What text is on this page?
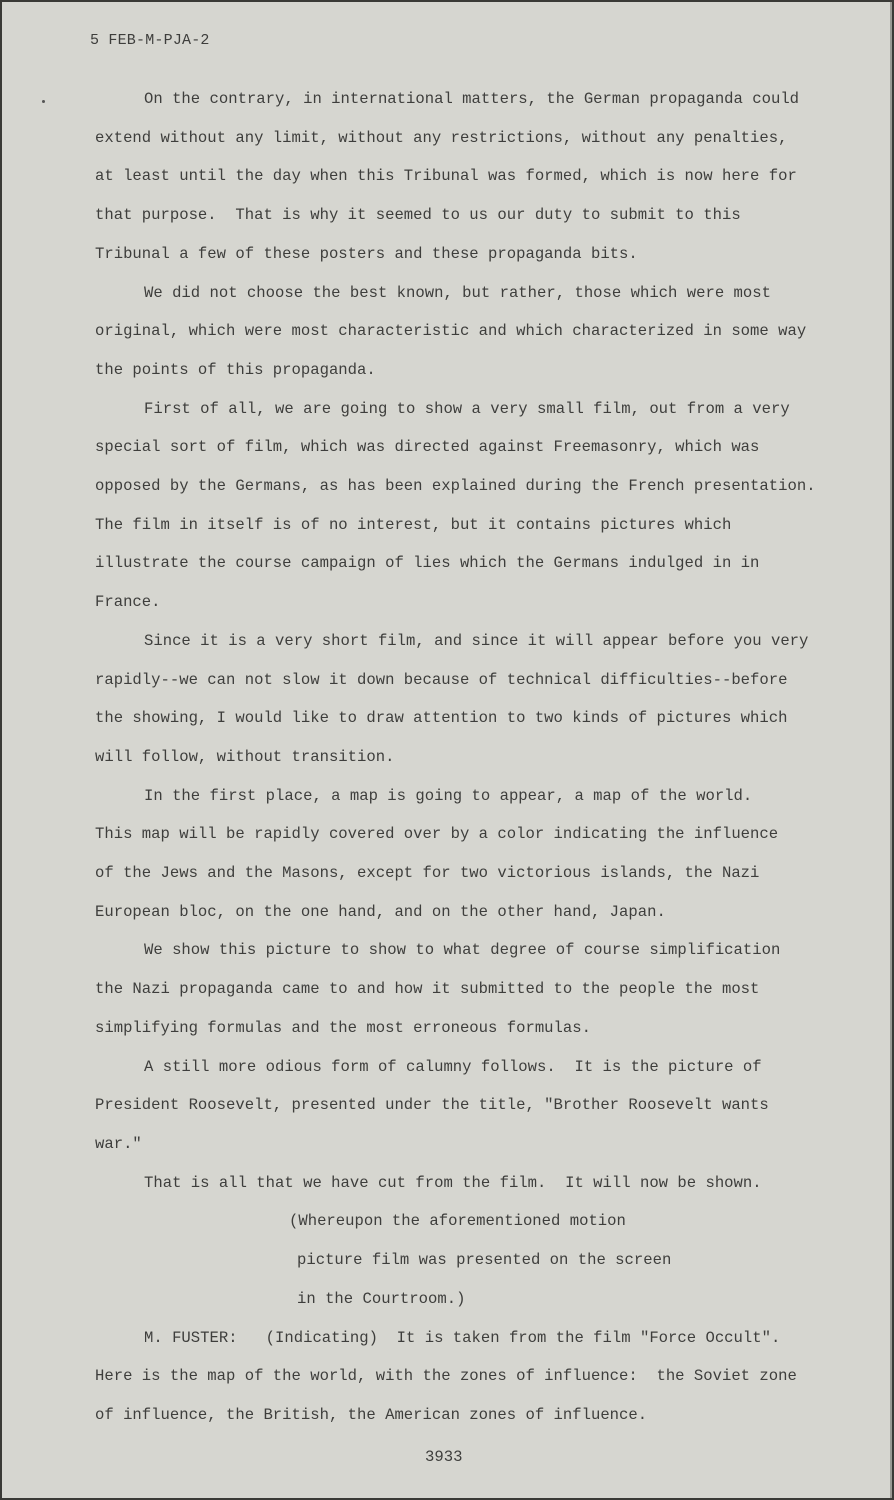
5 FEB-M-PJA-2
On the contrary, in international matters, the German propaganda could
extend without any limit, without any restrictions, without any penalties,
at least until the day when this Tribunal was formed, which is now here for
that purpose.  That is why it seemed to us our duty to submit to this
Tribunal a few of these posters and these propaganda bits.
We did not choose the best known, but rather, those which were most
original, which were most characteristic and which characterized in some way
the points of this propaganda.
First of all, we are going to show a very small film, out from a very
special sort of film, which was directed against Freemasonry, which was
opposed by the Germans, as has been explained during the French presentation.
The film in itself is of no interest, but it contains pictures which
illustrate the course campaign of lies which the Germans indulged in in
France.
Since it is a very short film, and since it will appear before you very
rapidly--we can not slow it down because of technical difficulties--before
the showing, I would like to draw attention to two kinds of pictures which
will follow, without transition.
In the first place, a map is going to appear, a map of the world.
This map will be rapidly covered over by a color indicating the influence
of the Jews and the Masons, except for two victorious islands, the Nazi
European bloc, on the one hand, and on the other hand, Japan.
We show this picture to show to what degree of course simplification
the Nazi propaganda came to and how it submitted to the people the most
simplifying formulas and the most erroneous formulas.
A still more odious form of calumny follows.  It is the picture of
President Roosevelt, presented under the title, "Brother Roosevelt wants
war."
That is all that we have cut from the film.  It will now be shown.
(Whereupon the aforementioned motion
picture film was presented on the screen
in the Courtroom.)
M. FUSTER:   (Indicating)  It is taken from the film "Force Occult".
Here is the map of the world, with the zones of influence:  the Soviet zone
of influence, the British, the American zones of influence.
3933
